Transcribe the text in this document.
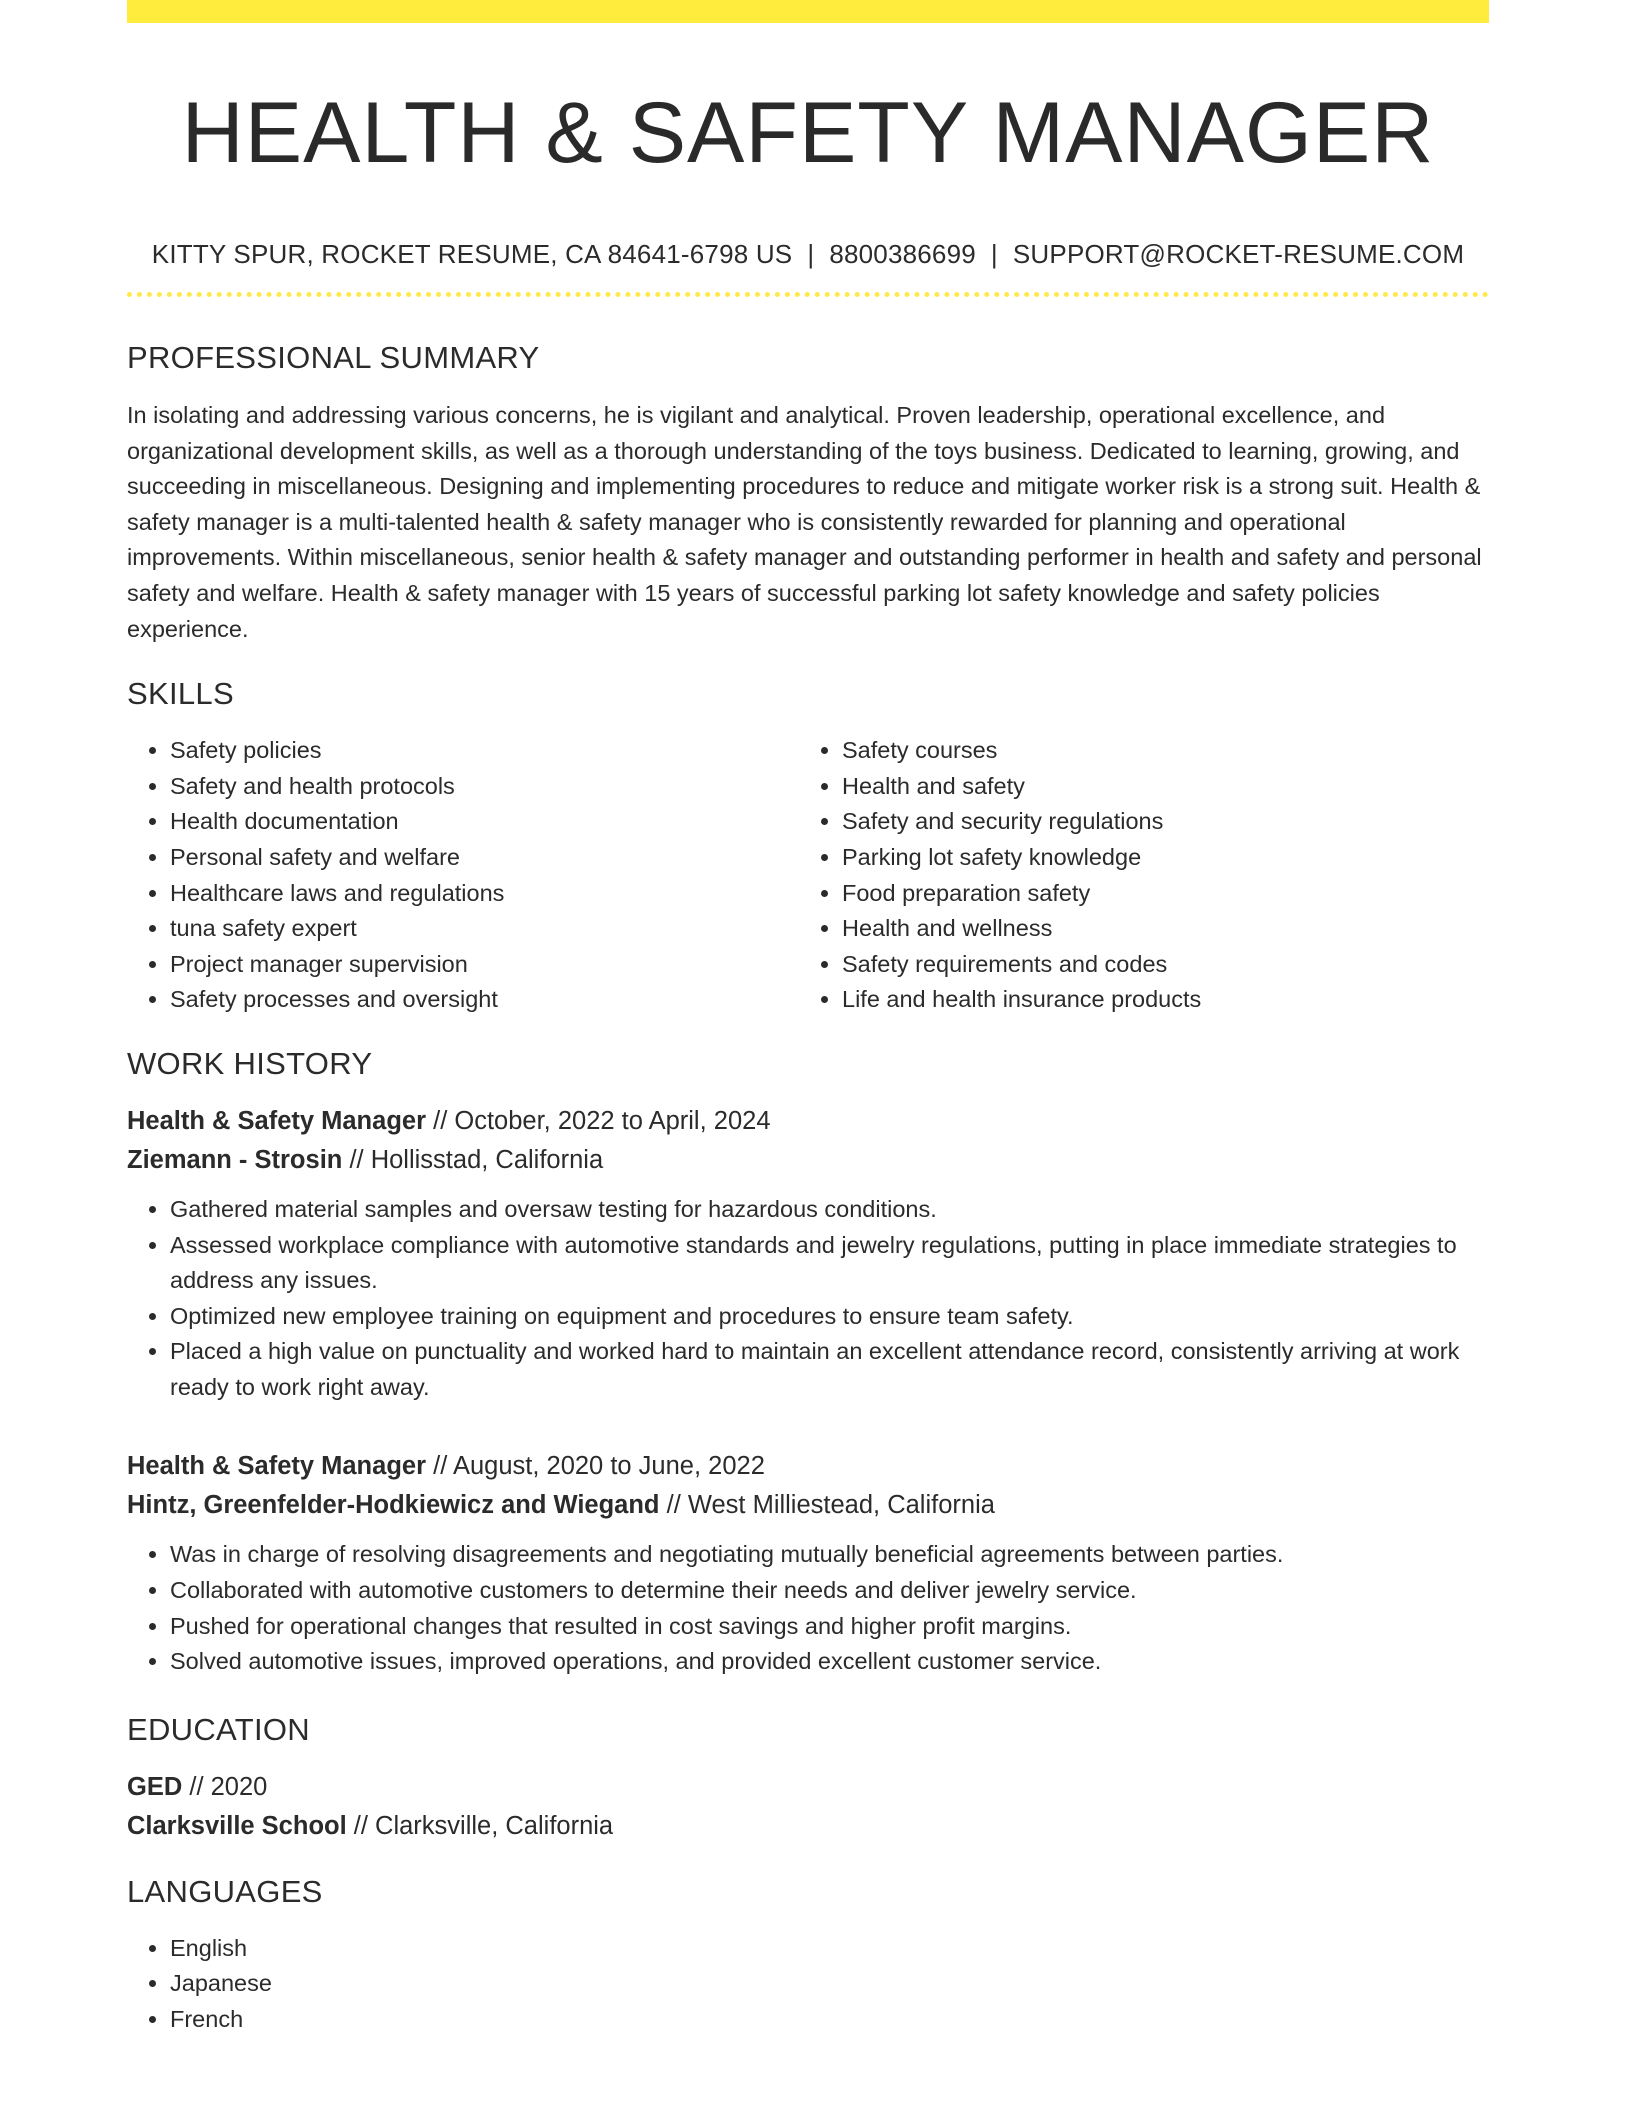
HEALTH & SAFETY MANAGER
KITTY SPUR, ROCKET RESUME, CA 84641-6798 US | 8800386699 | SUPPORT@ROCKET-RESUME.COM
PROFESSIONAL SUMMARY

In isolating and addressing various concerns, he is vigilant and analytical. Proven leadership, operational excellence, and organizational development skills, as well as a thorough understanding of the toys business. Dedicated to learning, growing, and succeeding in miscellaneous. Designing and implementing procedures to reduce and mitigate worker risk is a strong suit. Health & safety manager is a multi-talented health & safety manager who is consistently rewarded for planning and operational improvements. Within miscellaneous, senior health & safety manager and outstanding performer in health and safety and personal safety and welfare. Health & safety manager with 15 years of successful parking lot safety knowledge and safety policies experience.

SKILLS
• Safety policies
• Safety and health protocols
• Health documentation
• Personal safety and welfare
• Healthcare laws and regulations
• tuna safety expert
• Project manager supervision
• Safety processes and oversight
• Safety courses
• Health and safety
• Safety and security regulations
• Parking lot safety knowledge
• Food preparation safety
• Health and wellness
• Safety requirements and codes
• Life and health insurance products
WORK HISTORY
Health & Safety Manager // October, 2022 to April, 2024
Ziemann - Strosin // Hollisstad, California
• Gathered material samples and oversaw testing for hazardous conditions.
• Assessed workplace compliance with automotive standards and jewelry regulations, putting in place immediate strategies to address any issues.
• Optimized new employee training on equipment and procedures to ensure team safety.
• Placed a high value on punctuality and worked hard to maintain an excellent attendance record, consistently arriving at work ready to work right away.
Health & Safety Manager // August, 2020 to June, 2022
Hintz, Greenfelder-Hodkiewicz and Wiegand // West Milliestead, California
• Was in charge of resolving disagreements and negotiating mutually beneficial agreements between parties.
• Collaborated with automotive customers to determine their needs and deliver jewelry service.
• Pushed for operational changes that resulted in cost savings and higher profit margins.
• Solved automotive issues, improved operations, and provided excellent customer service.
EDUCATION
GED // 2020
Clarksville School // Clarksville, California
LANGUAGES
• English
• Japanese
• French
